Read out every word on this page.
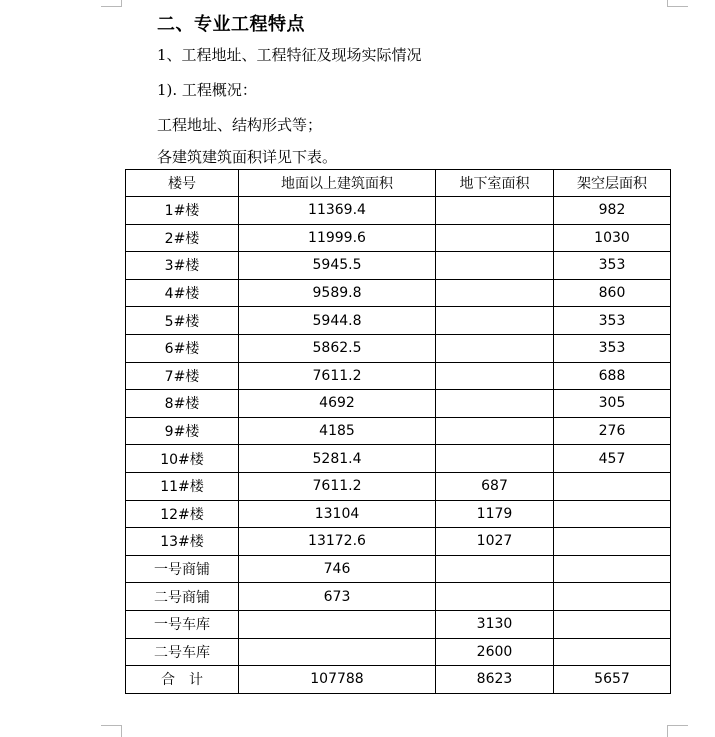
二、专业工程特点
1、工程地址、工程特征及现场实际情况
1). 工程概况：
工程地址、结构形式等；
各建筑建筑面积详见下表。
楼号	地面以上建筑面积	地下室面积	架空层面积
1#楼	11369.4		982
2#楼	11999.6		1030
3#楼	5945.5		353
4#楼	9589.8		860
5#楼	5944.8		353
6#楼	5862.5		353
7#楼	7611.2		688
8#楼	4692		305
9#楼	4185		276
10#楼	5281.4		457
11#楼	7611.2	687	
12#楼	13104	1179	
13#楼	13172.6	1027	
一号商铺	746		
二号商铺	673		
一号车库		3130	
二号车库		2600	
合计	107788	8623	5657
